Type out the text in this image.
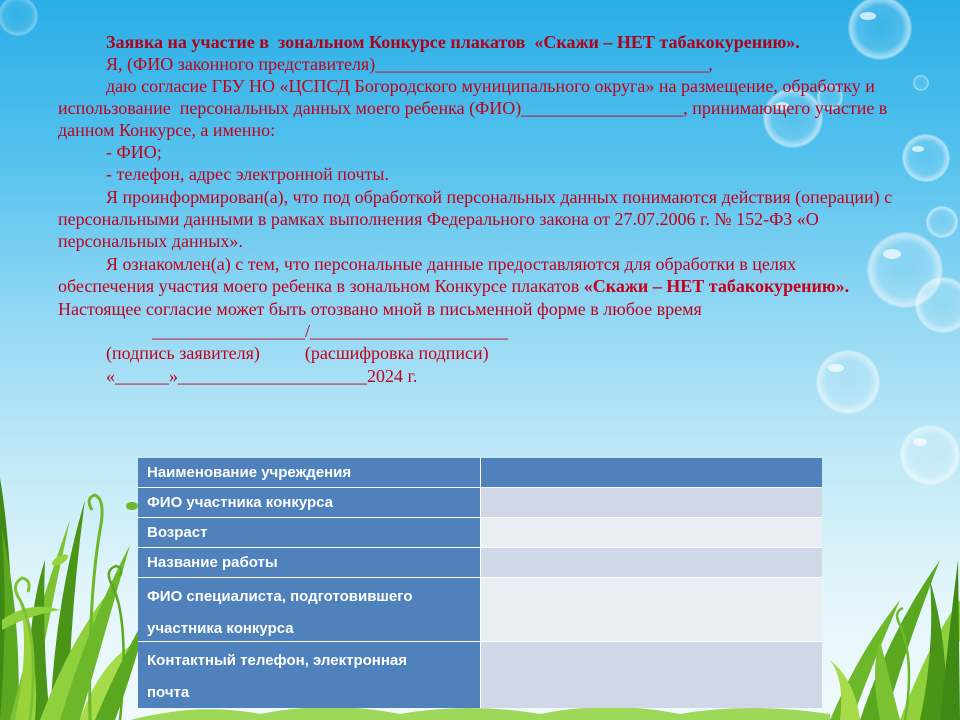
Заявка на участие в  зональном Конкурсе плакатов  «Скажи – НЕТ табакокурению».
Я, (ФИО законного представителя)_____________________________________,
даю согласие ГБУ НО «ЦСПСД Богородского муниципального округа» на размещение, обработку и
использование  персональных данных моего ребенка (ФИО)__________________, принимающего участие в
данном Конкурсе, а именно:
- ФИО;
- телефон, адрес электронной почты.
Я проинформирован(а), что под обработкой персональных данных понимаются действия (операции) с
персональными данными в рамках выполнения Федерального закона от 27.07.2006 г. № 152-ФЗ «О
персональных данных».
Я ознакомлен(а) с тем, что персональные данные предоставляются для обработки в целях
обеспечения участия моего ребенка в зональном Конкурсе плакатов «Скажи – НЕТ табакокурению».
Настоящее согласие может быть отозвано мной в письменной форме в любое время
_________________/______________________
(подпись заявителя)          (расшифровка подписи)
«______»_____________________2024 г.
Наименование учреждения
ФИО участника конкурса
Возраст
Название работы
ФИО специалиста, подготовившего
участника конкурса
Контактный телефон, электронная
почта
